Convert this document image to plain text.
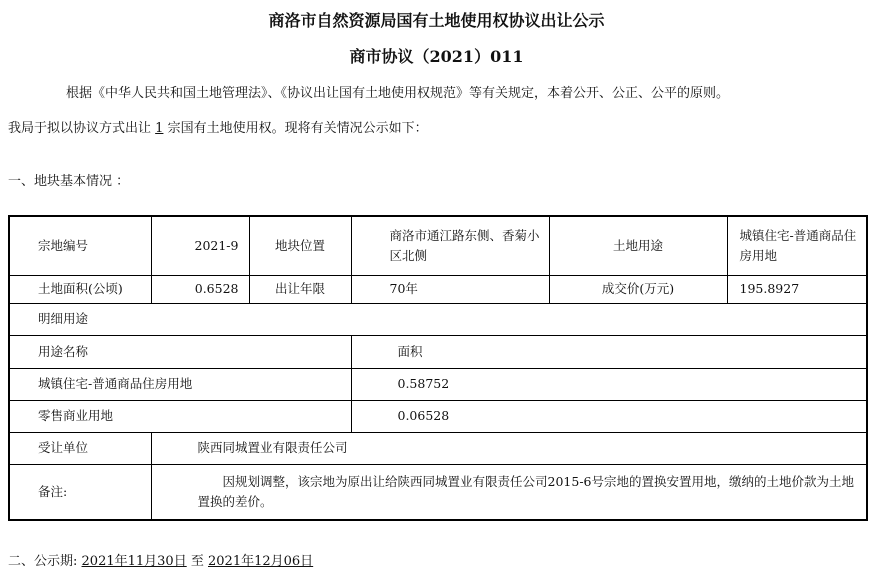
商洛市自然资源局国有土地使用权协议出让公示
商市协议（2021）011
根据《中华人民共和国土地管理法》、《协议出让国有土地使用权规范》等有关规定，本着公开、公正、公平的原则。
我局于拟以协议方式出让 1 宗国有土地使用权。现将有关情况公示如下：
一、地块基本情况 ：
宗地编号	2021-9	地块位置	商洛市通江路东侧、香菊小区北侧	土地用途	城镇住宅-普通商品住房用地
土地面积(公顷)	0.6528	出让年限	70年	成交价(万元)	195.8927
明细用途					
用途名称			面积		
城镇住宅-普通商品住房用地			0.58752		
零售商业用地			0.06528		
受让单位	陕西同城置业有限责任公司				
备注:	因规划调整，该宗地为原出让给陕西同城置业有限责任公司2015-6号宗地的置换安置用地，缴纳的土地价款为土地置换的差价。				
二、公示期: 2021年11月30日 至 2021年12月06日
